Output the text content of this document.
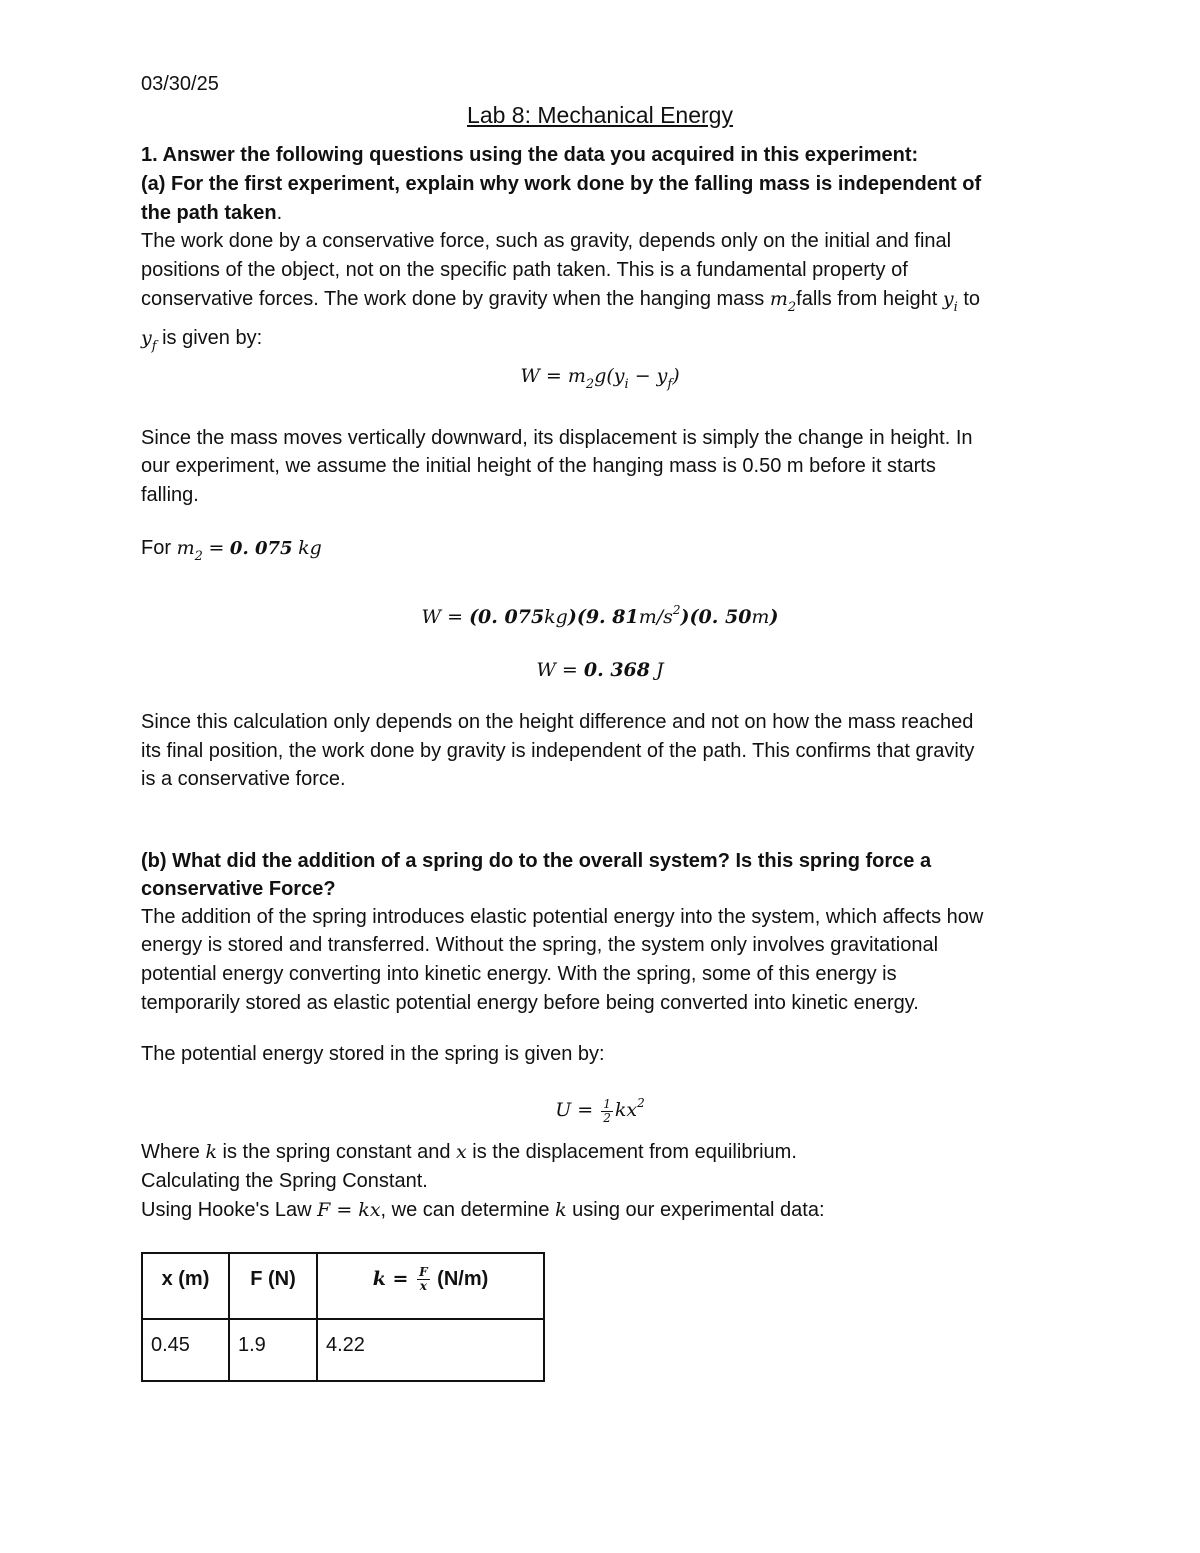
03/30/25
Lab 8: Mechanical Energy
1. Answer the following questions using the data you acquired in this experiment:
(a) For the first experiment, explain why work done by the falling mass is independent of
the path taken.
The work done by a conservative force, such as gravity, depends only on the initial and final
positions of the object, not on the specific path taken. This is a fundamental property of
conservative forces. The work done by gravity when the hanging mass $m_2falls$ from height $y_i$ to
$y_f$ is given by:
$W = m_2g(y_i - y_f)$
Since the mass moves vertically downward, its displacement is simply the change in height. In
our experiment, we assume the initial height of the hanging mass is 0.50 m before it starts
falling.
For $m_2 = 0$. 075 kg
W = (0. 075kg)(9. $81m/s^2)(0$. 50m)
W = 0. 368 J
Since this calculation only depends on the height difference and not on how the mass reached
its final position, the work done by gravity is independent of the path. This confirms that gravity
is a conservative force.
(b) What did the addition of a spring do to the overall system? Is this spring force a
conservative Force?
The addition of the spring introduces elastic potential energy into the system, which affects how
energy is stored and transferred. Without the spring, the system only involves gravitational
potential energy converting into kinetic energy. With the spring, some of this energy is
temporarily stored as elastic potential energy before being converted into kinetic energy.
The potential energy stored in the spring is given by:
$U = \frac{1}{2} kx^2$
Where k is the spring constant and x is the displacement from equilibrium.
Calculating the Spring Constant.
Using Hooke's Law F = kx, we can determine k using our experimental data:
x (m)	F (N)	$k = \frac{F}{x} (N/m)$

0.45	1.9	4.22
